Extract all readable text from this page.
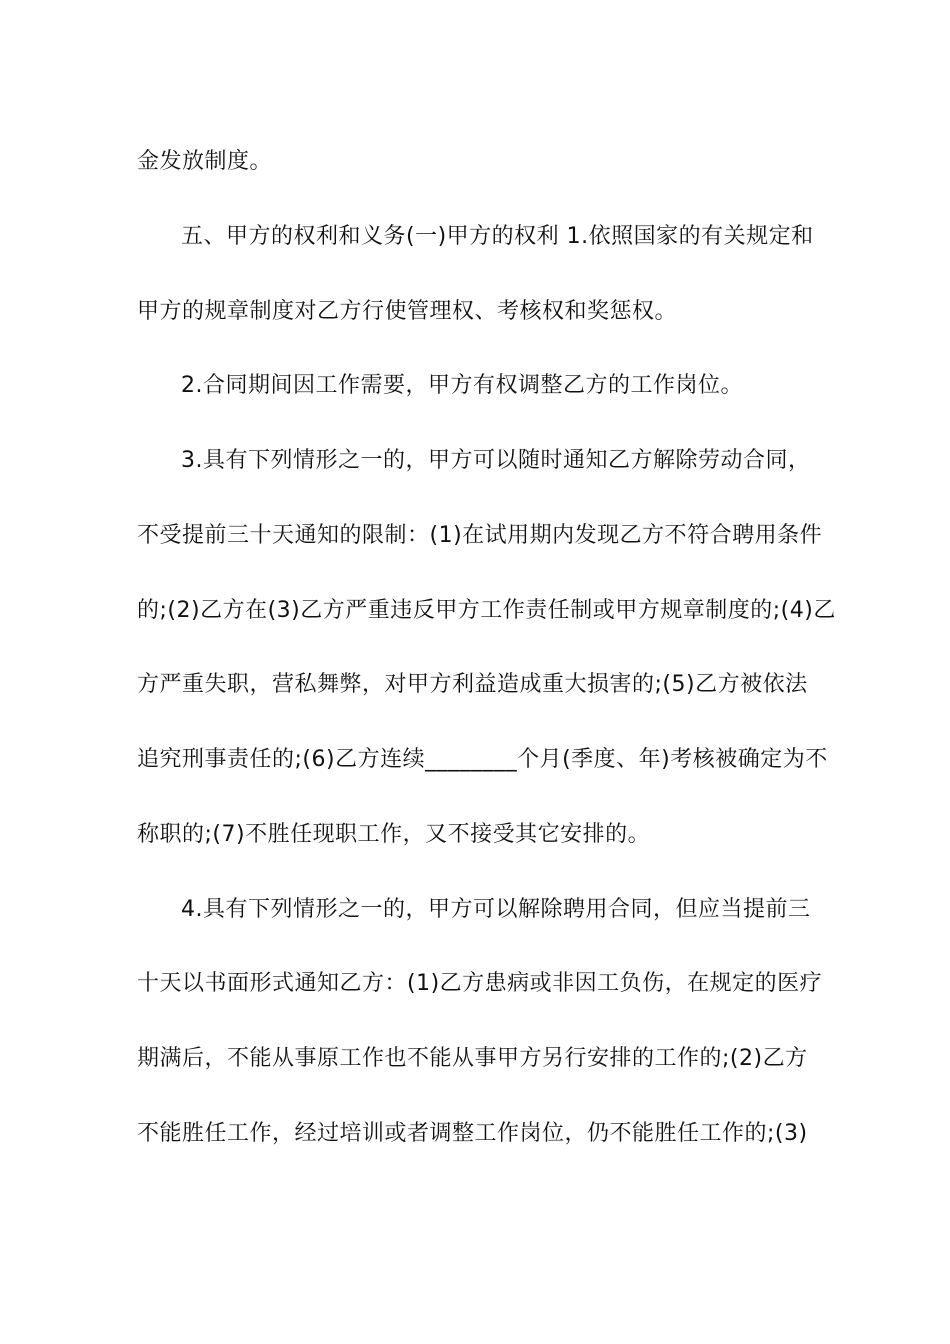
金发放制度。
五、甲方的权利和义务(一)甲方的权利 1.依照国家的有关规定和
甲方的规章制度对乙方行使管理权、考核权和奖惩权。
2.合同期间因工作需要，甲方有权调整乙方的工作岗位。
3.具有下列情形之一的，甲方可以随时通知乙方解除劳动合同，
不受提前三十天通知的限制：(1)在试用期内发现乙方不符合聘用条件
的;(2)乙方在(3)乙方严重违反甲方工作责任制或甲方规章制度的;(4)乙
方严重失职，营私舞弊，对甲方利益造成重大损害的;(5)乙方被依法
追究刑事责任的;(6)乙方连续________个月(季度、年)考核被确定为不
称职的;(7)不胜任现职工作，又不接受其它安排的。
4.具有下列情形之一的，甲方可以解除聘用合同，但应当提前三
十天以书面形式通知乙方：(1)乙方患病或非因工负伤，在规定的医疗
期满后，不能从事原工作也不能从事甲方另行安排的工作的;(2)乙方
不能胜任工作，经过培训或者调整工作岗位，仍不能胜任工作的;(3)
